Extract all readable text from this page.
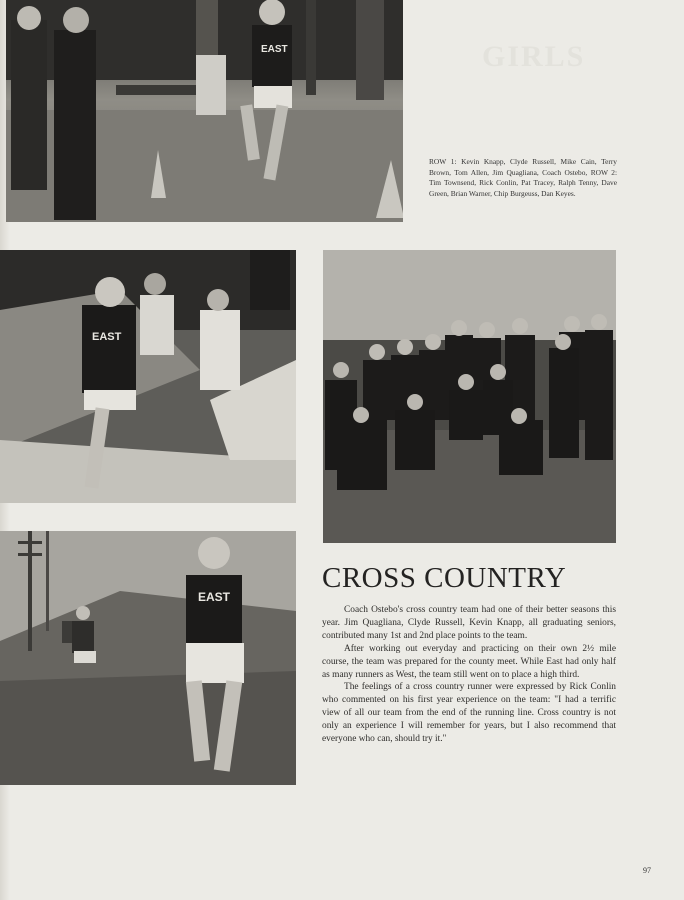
GIRLS
EAST
ROW 1: Kevin Knapp, Clyde Russell, Mike Cain, Terry Brown, Tom Allen, Jim Quagliana, Coach Ostebo, ROW 2: Tim Townsend, Rick Conlin, Pat Tracey, Ralph Tenny, Dave Green, Brian Warner, Chip Burgeuss, Dan Keyes.
EAST
EAST
CROSS COUNTRY

Coach Ostebo's cross country team had one of their better seasons this year. Jim Quagliana, Clyde Russell, Kevin Knapp, all graduating seniors, contributed many 1st and 2nd place points to the team.

After working out everyday and practicing on their own 2½ mile course, the team was prepared for the county meet. While East had only half as many runners as West, the team still went on to place a high third.

The feelings of a cross country runner were expressed by Rick Conlin who commented on his first year experience on the team: "I had a terrific view of all our team from the end of the running line. Cross country is not only an experience I will remember for years, but I also recommend that everyone who can, should try it."

97
